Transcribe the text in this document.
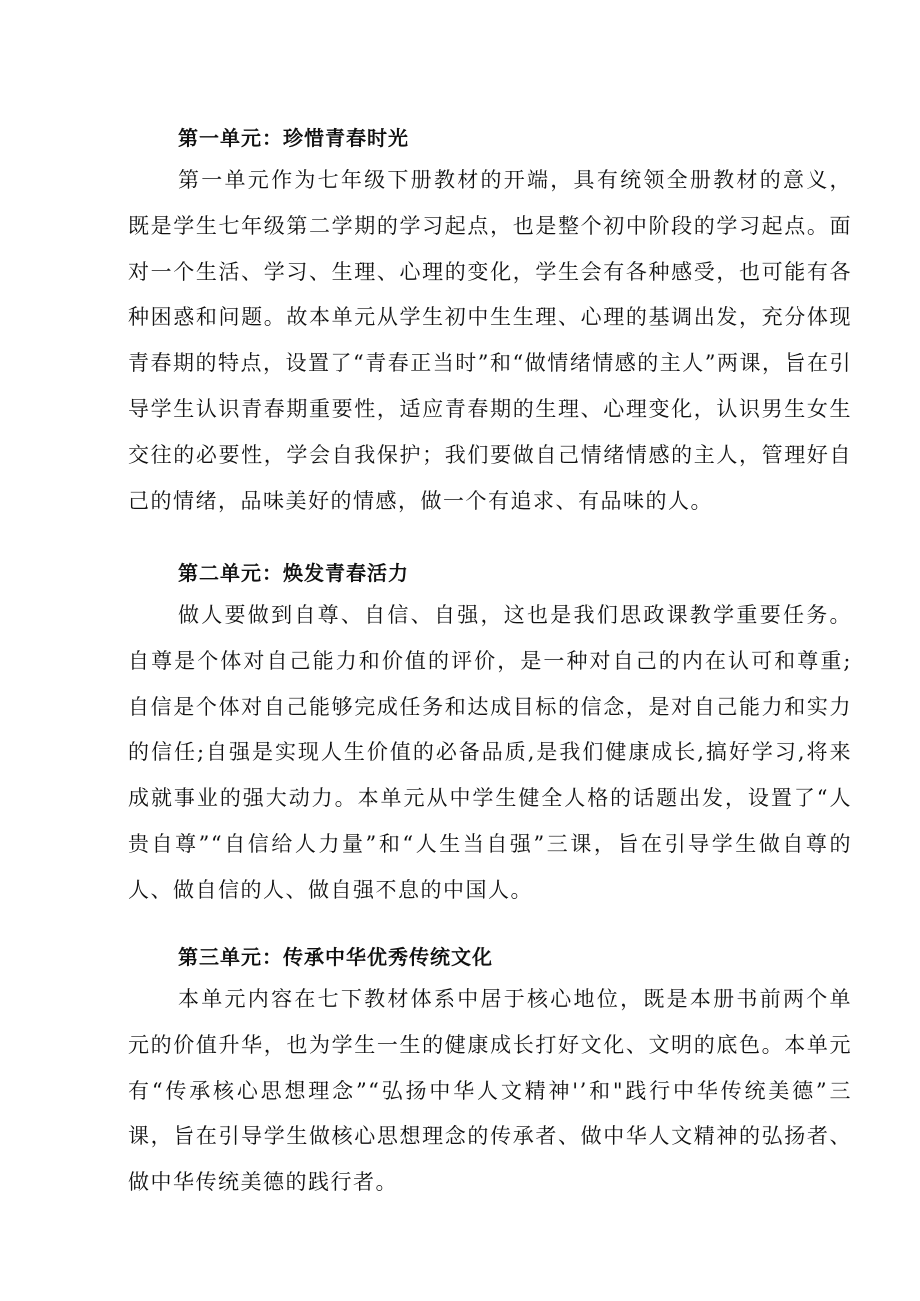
第一单元：珍惜青春时光

第一单元作为七年级下册教材的开端，具有统领全册教材的意义，既是学生七年级第二学期的学习起点，也是整个初中阶段的学习起点。面对一个生活、学习、生理、心理的变化，学生会有各种感受，也可能有各种困惑和问题。故本单元从学生初中生生理、心理的基调出发，充分体现青春期的特点，设置了“青春正当时”和“做情绪情感的主人”两课，旨在引导学生认识青春期重要性，适应青春期的生理、心理变化，认识男生女生交往的必要性，学会自我保护；我们要做自己情绪情感的主人，管理好自己的情绪，品味美好的情感，做一个有追求、有品味的人。

第二单元：焕发青春活力

做人要做到自尊、自信、自强，这也是我们思政课教学重要任务。自尊是个体对自己能力和价值的评价，是一种对自己的内在认可和尊重;自信是个体对自己能够完成任务和达成目标的信念，是对自己能力和实力的信任;自强是实现人生价值的必备品质,是我们健康成长,搞好学习,将来成就事业的强大动力。本单元从中学生健全人格的话题出发，设置了“人贵自尊”“自信给人力量”和“人生当自强”三课，旨在引导学生做自尊的人、做自信的人、做自强不息的中国人。

第三单元：传承中华优秀传统文化

本单元内容在七下教材体系中居于核心地位，既是本册书前两个单元的价值升华，也为学生一生的健康成长打好文化、文明的底色。本单元有“传承核心思想理念”“弘扬中华人文精神'’和"践行中华传统美德”三课，旨在引导学生做核心思想理念的传承者、做中华人文精神的弘扬者、做中华传统美德的践行者。
